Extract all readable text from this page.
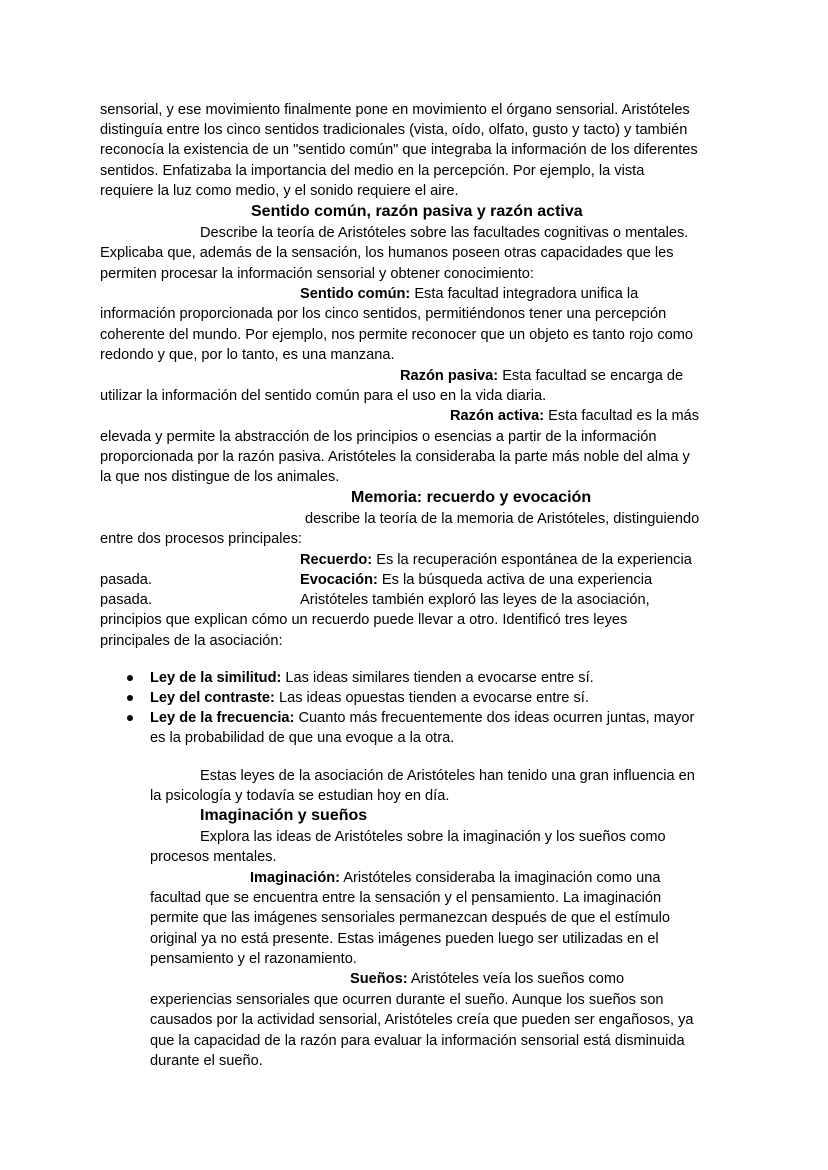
sensorial, y ese movimiento finalmente pone en movimiento el órgano sensorial. Aristóteles
distinguía entre los cinco sentidos tradicionales (vista, oído, olfato, gusto y tacto) y también
reconocía la existencia de un "sentido común" que integraba la información de los diferentes
sentidos. Enfatizaba la importancia del medio en la percepción. Por ejemplo, la vista
requiere la luz como medio, y el sonido requiere el aire.
Sentido común, razón pasiva y razón activa
Describe la teoría de Aristóteles sobre las facultades cognitivas o mentales.
Explicaba que, además de la sensación, los humanos poseen otras capacidades que les
permiten procesar la información sensorial y obtener conocimiento:
Sentido común: Esta facultad integradora unifica la
información proporcionada por los cinco sentidos, permitiéndonos tener una percepción
coherente del mundo. Por ejemplo, nos permite reconocer que un objeto es tanto rojo como
redondo y que, por lo tanto, es una manzana.
Razón pasiva: Esta facultad se encarga de
utilizar la información del sentido común para el uso en la vida diaria.
Razón activa: Esta facultad es la más
elevada y permite la abstracción de los principios o esencias a partir de la información
proporcionada por la razón pasiva. Aristóteles la consideraba la parte más noble del alma y
la que nos distingue de los animales.
Memoria: recuerdo y evocación
describe la teoría de la memoria de Aristóteles, distinguiendo
entre dos procesos principales:
Recuerdo: Es la recuperación espontánea de la experiencia
pasada.	Evocación: Es la búsqueda activa de una experiencia
pasada.	Aristóteles también exploró las leyes de la asociación,
principios que explican cómo un recuerdo puede llevar a otro. Identificó tres leyes
principales de la asociación:
Ley de la similitud: Las ideas similares tienden a evocarse entre sí.
Ley del contraste: Las ideas opuestas tienden a evocarse entre sí.
Ley de la frecuencia: Cuanto más frecuentemente dos ideas ocurren juntas, mayor
es la probabilidad de que una evoque a la otra.
Estas leyes de la asociación de Aristóteles han tenido una gran influencia en
la psicología y todavía se estudian hoy en día.
Imaginación y sueños
Explora las ideas de Aristóteles sobre la imaginación y los sueños como
procesos mentales.
Imaginación: Aristóteles consideraba la imaginación como una
facultad que se encuentra entre la sensación y el pensamiento. La imaginación
permite que las imágenes sensoriales permanezcan después de que el estímulo
original ya no está presente. Estas imágenes pueden luego ser utilizadas en el
pensamiento y el razonamiento.
Sueños: Aristóteles veía los sueños como
experiencias sensoriales que ocurren durante el sueño. Aunque los sueños son
causados por la actividad sensorial, Aristóteles creía que pueden ser engañosos, ya
que la capacidad de la razón para evaluar la información sensorial está disminuida
durante el sueño.
